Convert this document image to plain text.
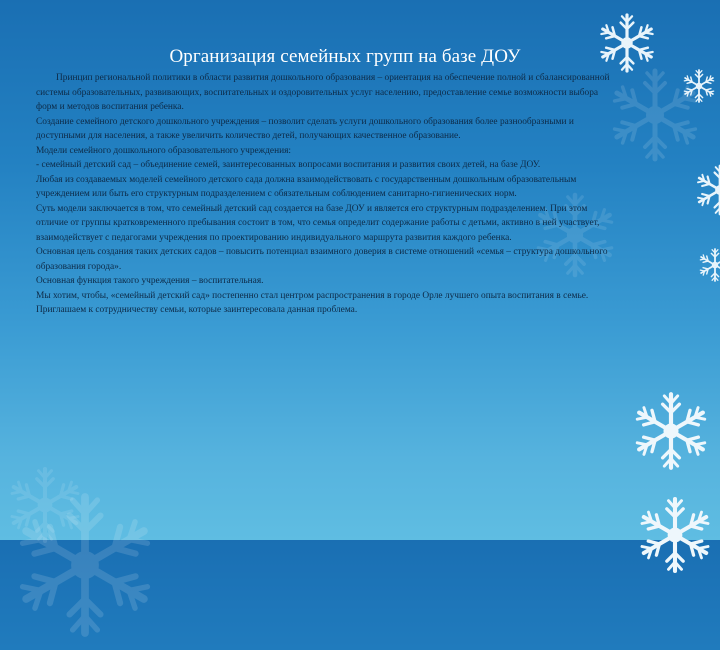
Организация семейных групп на базе ДОУ

Принцип региональной политики в области развития дошкольного образования – ориентация на обеспечение полной и сбалансированной системы образовательных, развивающих, воспитательных и оздоровительных услуг населению, предоставление семье возможности выбора форм и методов воспитания ребенка.

Создание семейного детского дошкольного учреждения – позволит сделать услуги дошкольного образования более разнообразными и доступными для населения, а также увеличить количество детей, получающих качественное образование.

Модели семейного дошкольного образовательного учреждения:

- семейный детский сад – объединение семей, заинтересованных вопросами воспитания и развития своих детей, на базе ДОУ.

Любая из создаваемых моделей семейного детского сада должна взаимодействовать с государственным дошкольным образовательным учреждением или быть его структурным подразделением с обязательным соблюдением санитарно-гигиенических норм.

Суть модели заключается в том, что семейный детский сад создается на базе ДОУ и является его структурным подразделением. При этом отличие от группы кратковременного пребывания состоит в том, что семья определит содержание работы с детьми, активно в ней участвует, взаимодействует с педагогами учреждения по проектированию индивидуального маршрута развития каждого ребенка.

Основная цель создания таких детских садов – повысить потенциал взаимного доверия в системе отношений «семья – структура дошкольного образования города».

Основная функция такого учреждения – воспитательная.

Мы хотим, чтобы, «семейный детский сад» постепенно стал центром распространения в городе Орле лучшего опыта воспитания в семье.

Приглашаем к сотрудничеству семьи, которые заинтересовала данная проблема.
